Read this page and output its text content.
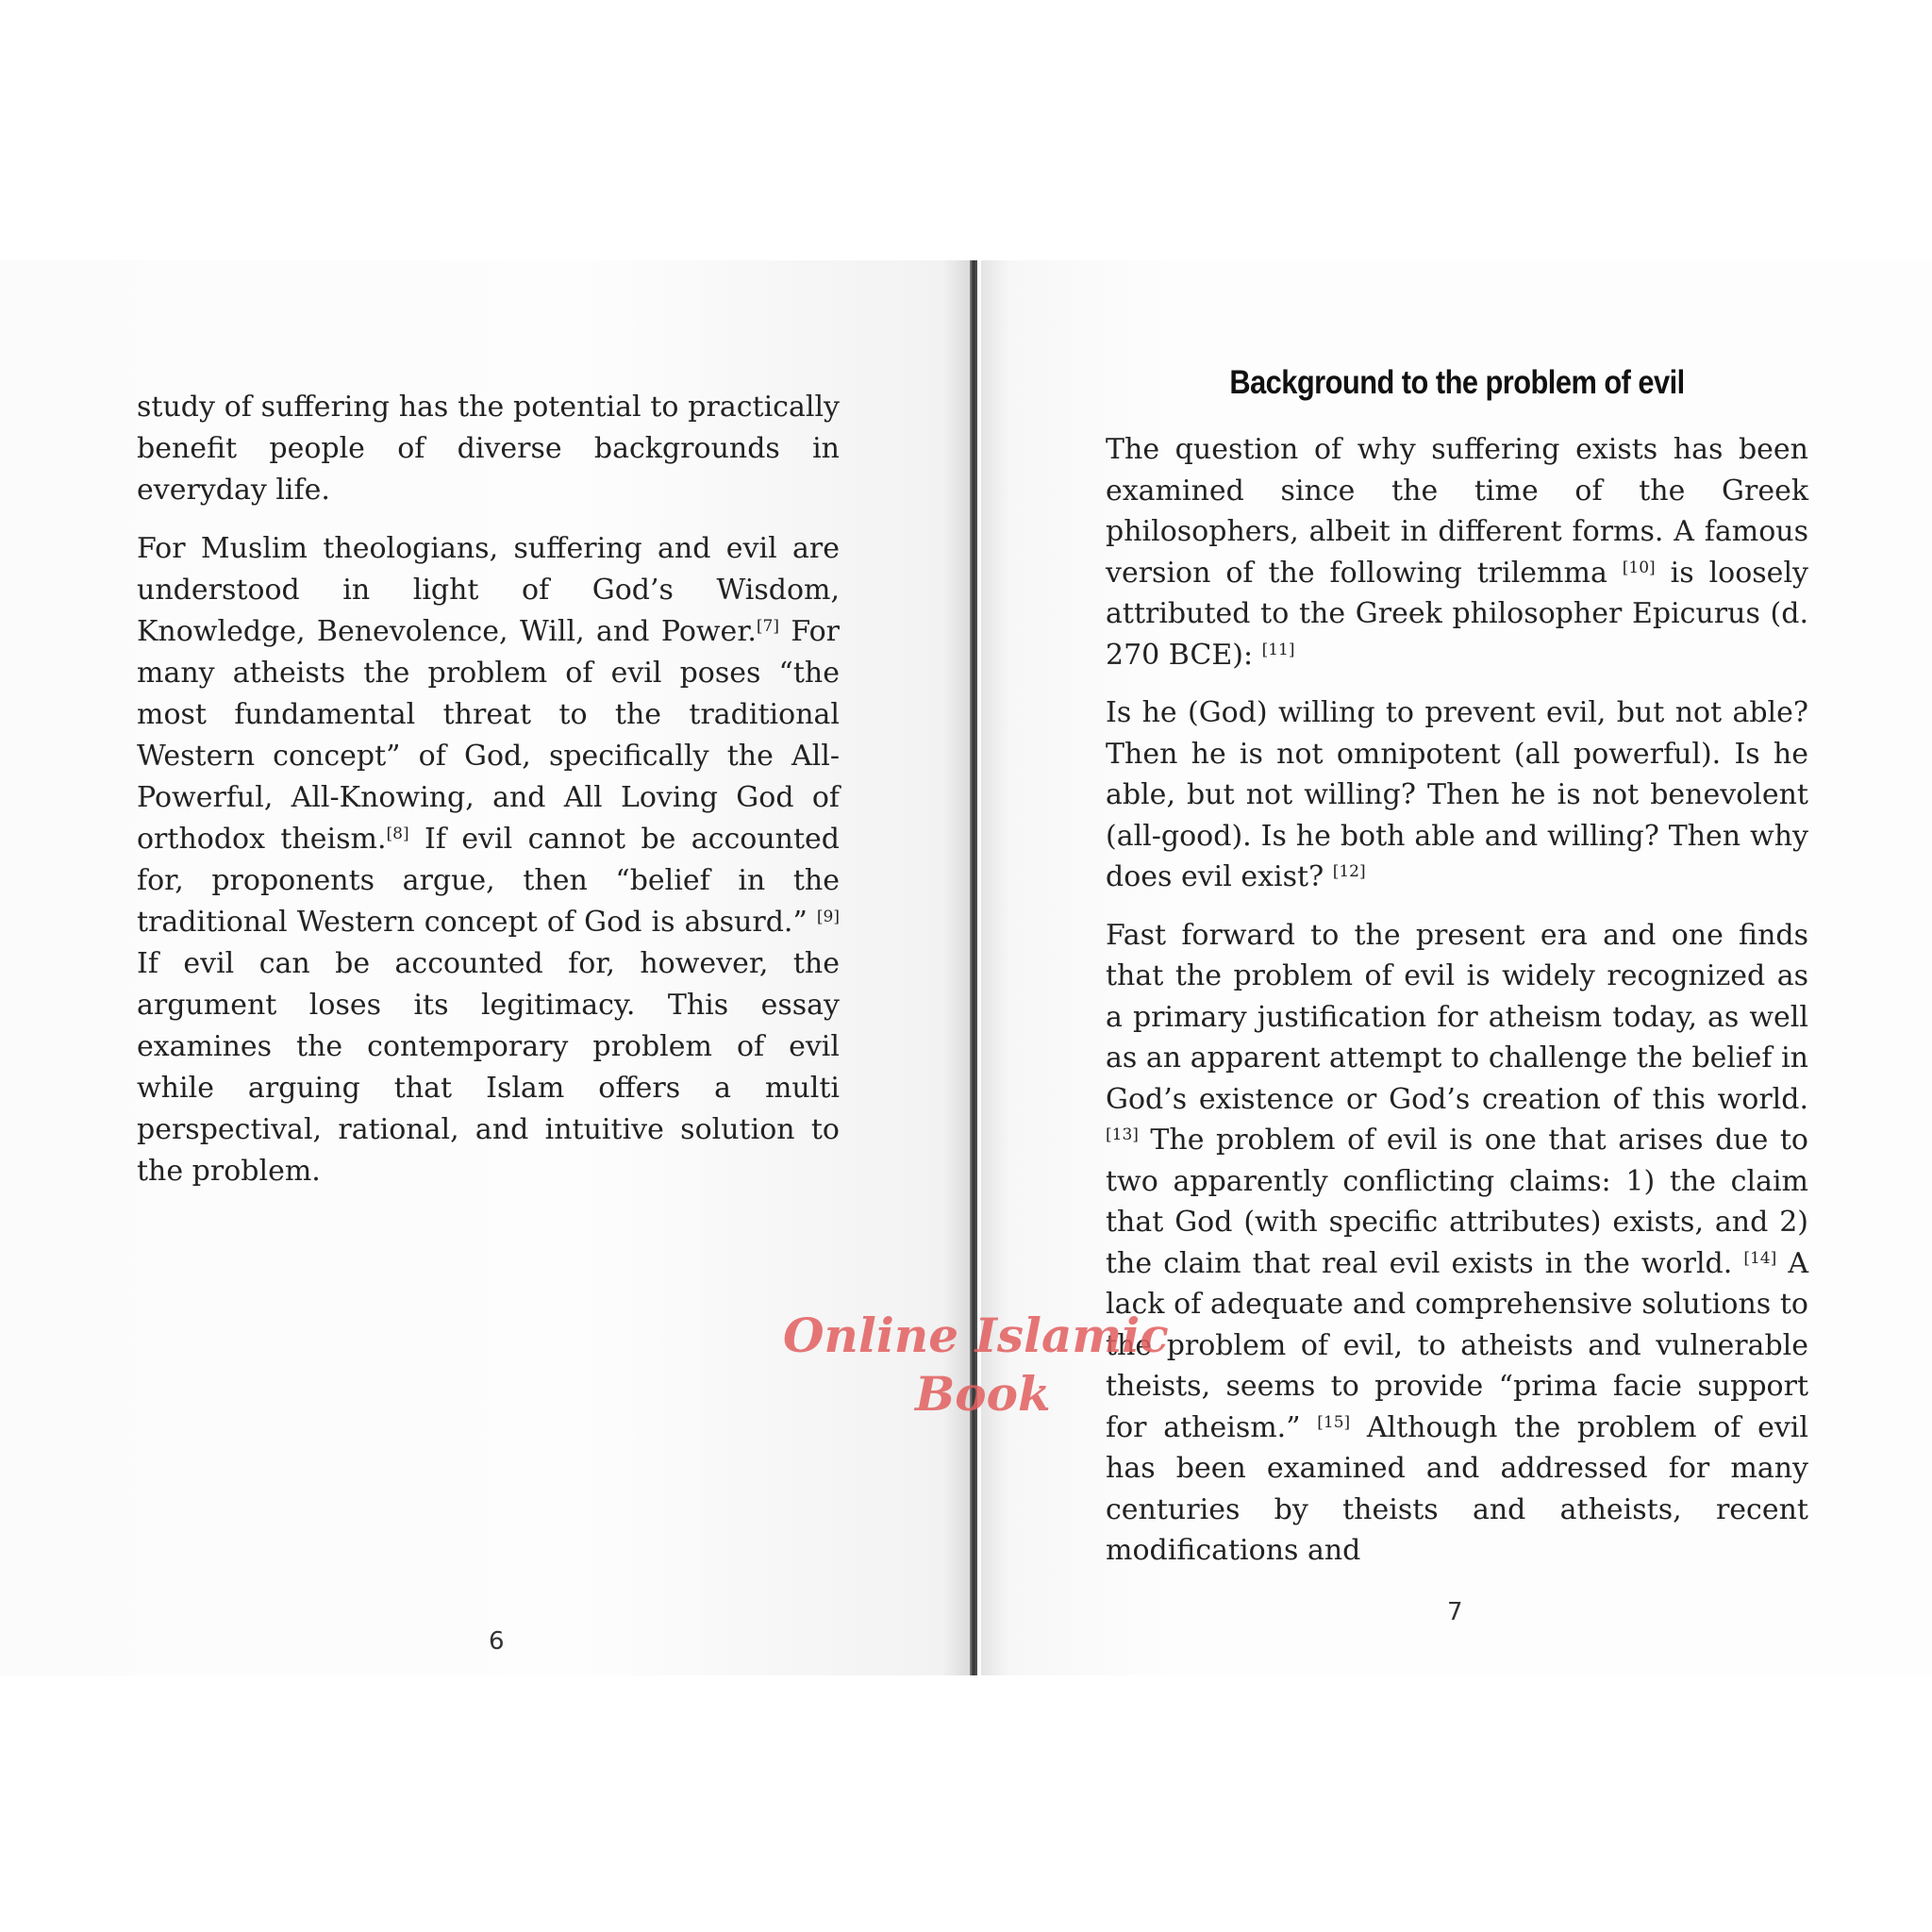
study of suffering has the potential to practically benefit people of diverse backgrounds in everyday life.

For Muslim theologians, suffering and evil are understood in light of God’s Wisdom, Knowledge, Benevolence, Will, and Power.[7] For many atheists the problem of evil poses “the most fundamental threat to the traditional Western concept” of God, specifically the All-Powerful, All-Knowing, and All Loving God of orthodox theism.[8] If evil cannot be accounted for, proponents argue, then “belief in the traditional Western concept of God is absurd.” [9] If evil can be accounted for, however, the argument loses its legitimacy. This essay examines the contemporary problem of evil while arguing that Islam offers a multi perspectival, rational, and intuitive solution to the problem.

6
Background to the problem of evil

The question of why suffering exists has been examined since the time of the Greek philosophers, albeit in different forms. A famous version of the following trilemma [10] is loosely attributed to the Greek philosopher Epicurus (d. 270 BCE): [11]

Is he (God) willing to prevent evil, but not able? Then he is not omnipotent (all powerful). Is he able, but not willing? Then he is not benevolent (all-good). Is he both able and willing? Then why does evil exist? [12]

Fast forward to the present era and one finds that the problem of evil is widely recognized as a primary justification for atheism today, as well as an apparent attempt to challenge the belief in God’s existence or God’s creation of this world. [13] The problem of evil is one that arises due to two apparently conflicting claims: 1) the claim that God (with specific attributes) exists, and 2) the claim that real evil exists in the world. [14] A lack of adequate and comprehensive solutions to the problem of evil, to atheists and vulnerable theists, seems to provide “prima facie support for atheism.” [15] Although the problem of evil has been examined and addressed for many centuries by theists and atheists, recent modifications and

7
Online Islamic
Book
